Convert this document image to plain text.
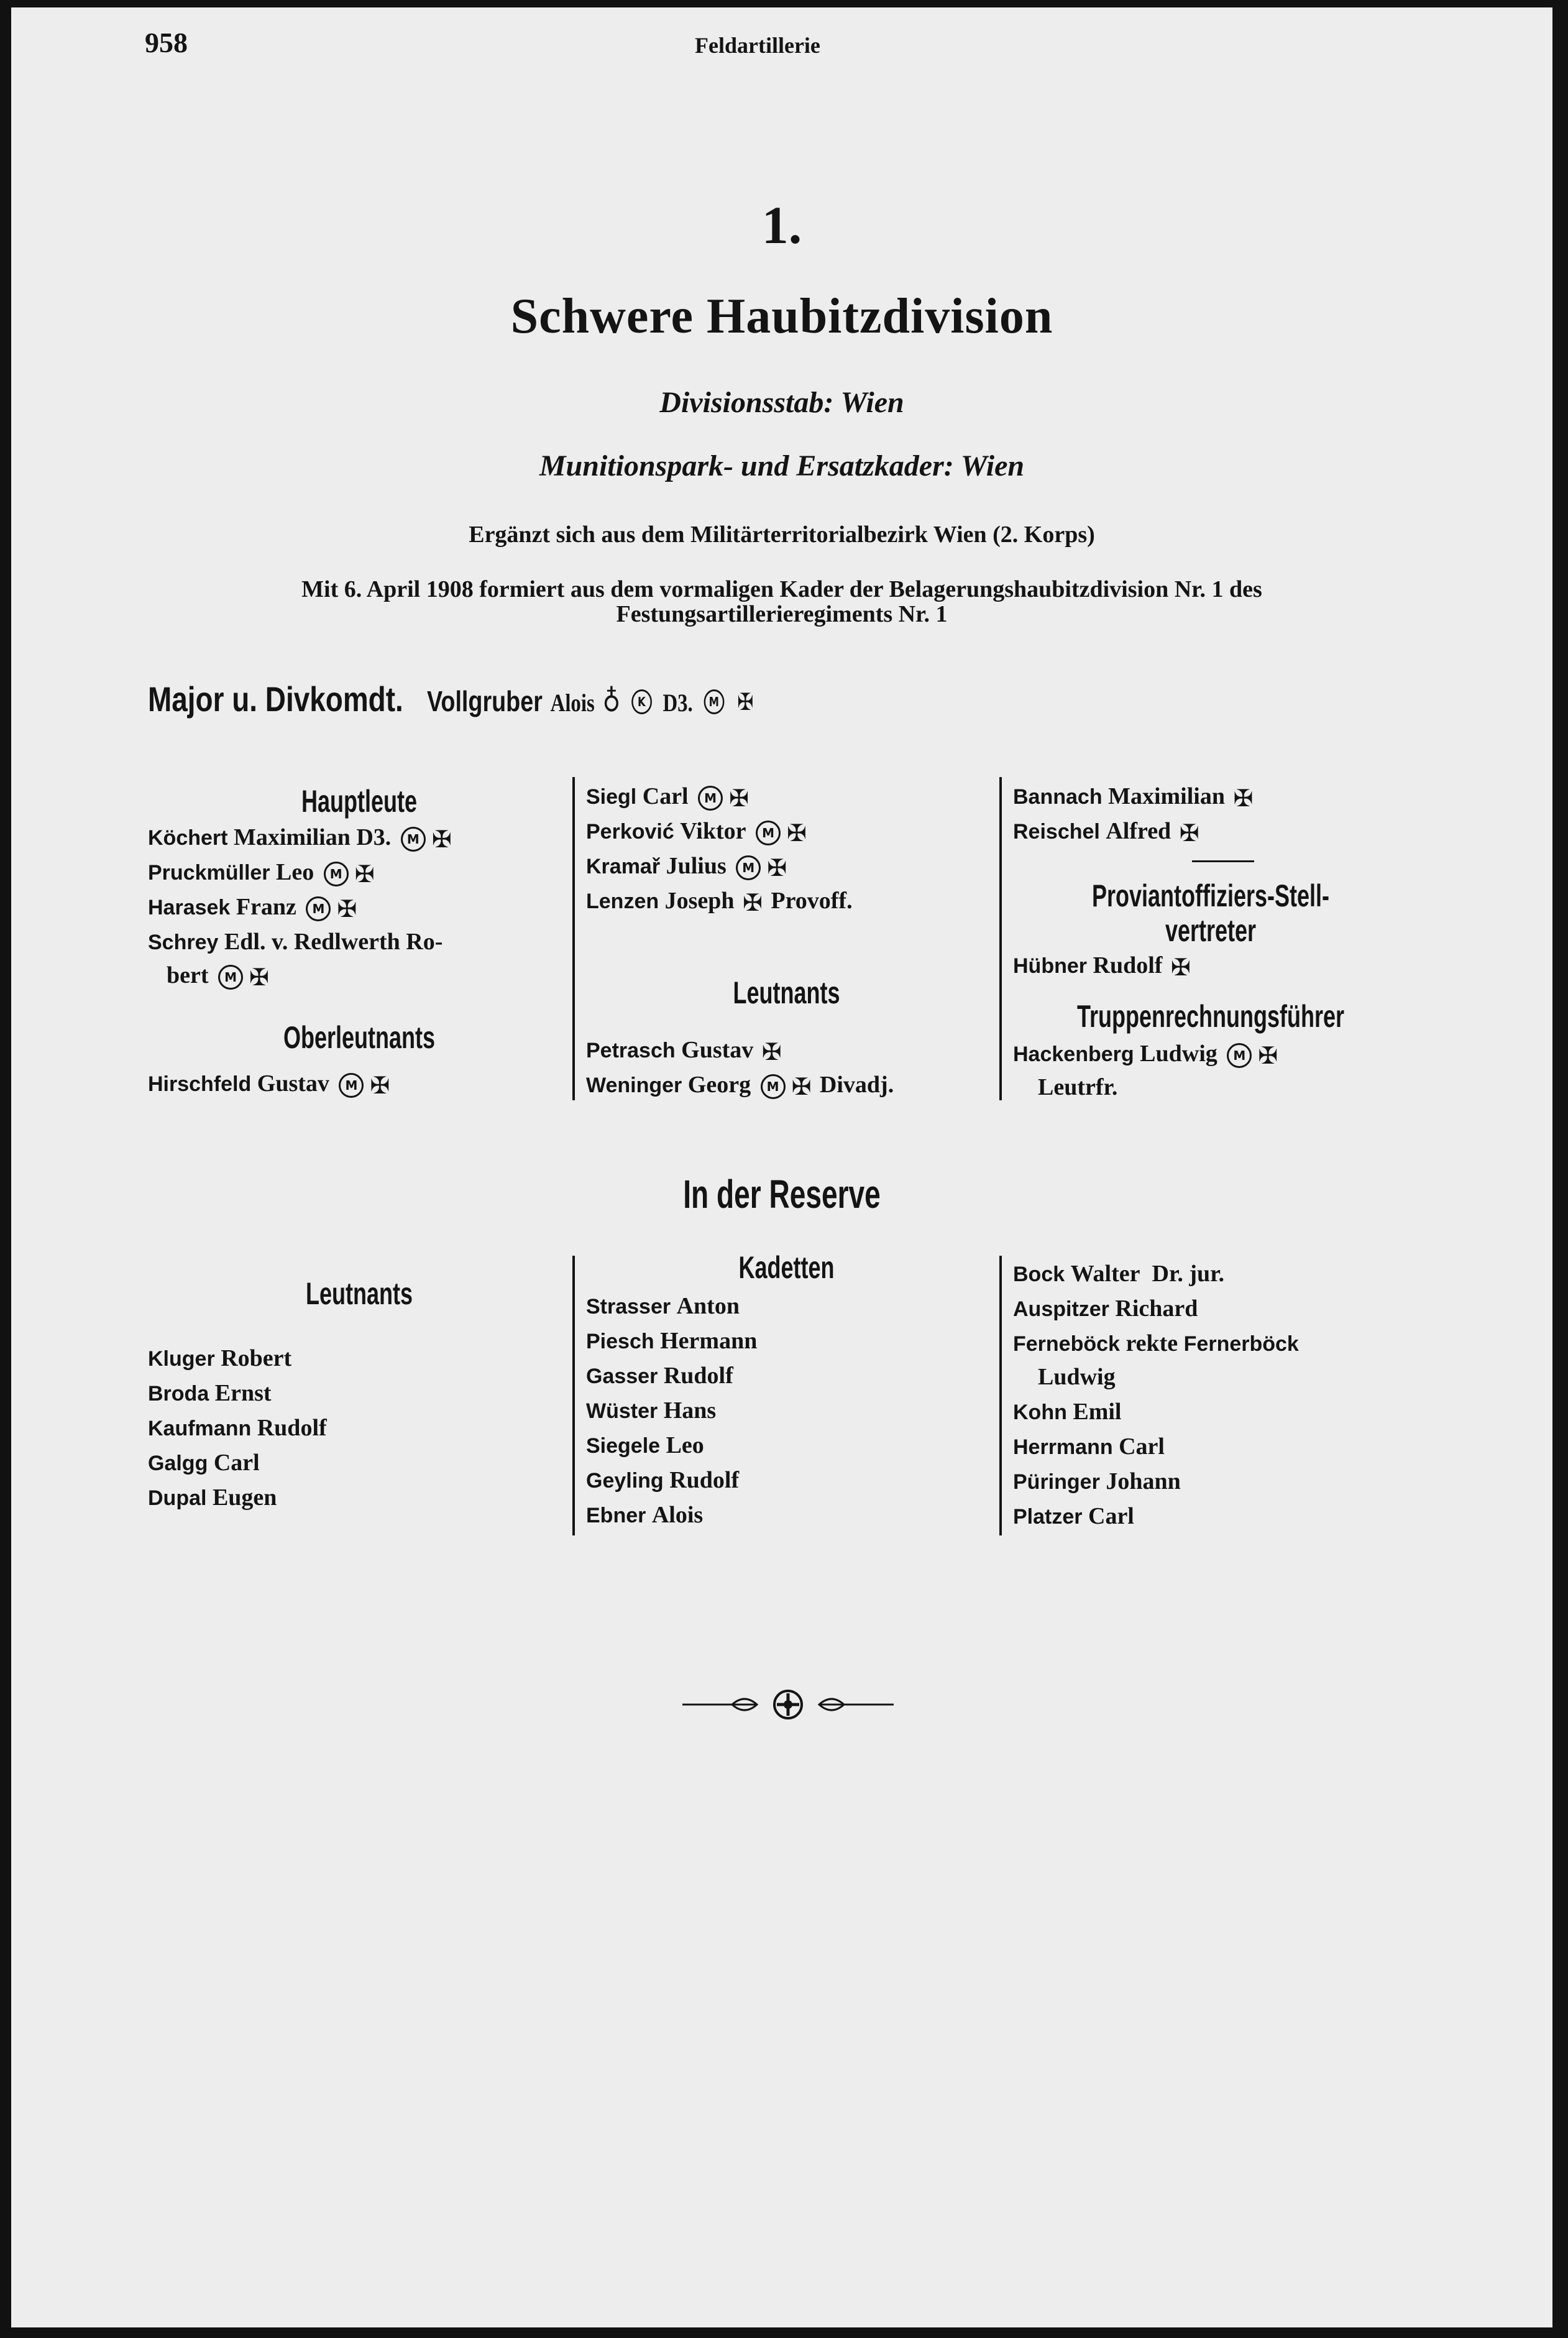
958	Feldartillerie
1.
Schwere Haubitzdivision
Divisionsstab: Wien
Munitionspark- und Ersatzkader: Wien
Ergänzt sich aus dem Militärterritorialbezirk Wien (2. Korps)
Mit 6. April 1908 formiert aus dem vormaligen Kader der Belagerungshaubitzdivision Nr. 1 des
Festungsartillerieregiments Nr. 1
Major u. Divkomdt. Vollgruber Alois ♁ K D3. M ✠
Hauptleute
Köchert Maximilian D3. M ✠
Pruckmüller Leo M ✠
Harasek Franz M ✠
Schrey Edl. v. Redlwerth Ro-
bert M ✠
Oberleutnants
Hirschfeld Gustav M ✠
Siegl Carl M ✠
Perković Viktor M ✠
Kramař Julius M ✠
Lenzen Joseph ✠ Provoff.
Leutnants
Petrasch Gustav ✠
Weninger Georg M ✠ Divadj.
Bannach Maximilian ✠
Reischel Alfred ✠
Proviantoffiziers-Stell-
vertreter
Hübner Rudolf ✠
Truppenrechnungsführer
Hackenberg Ludwig M ✠
Leutrfr.
In der Reserve
Leutnants
Kluger Robert
Broda Ernst
Kaufmann Rudolf
Galgg Carl
Dupal Eugen
Kadetten
Strasser Anton
Piesch Hermann
Gasser Rudolf
Wüster Hans
Siegele Leo
Geyling Rudolf
Ebner Alois
Bock Walter Dr. jur.
Auspitzer Richard
Ferneböck rekte Fernerböck
Ludwig
Kohn Emil
Herrmann Carl
Püringer Johann
Platzer Carl
